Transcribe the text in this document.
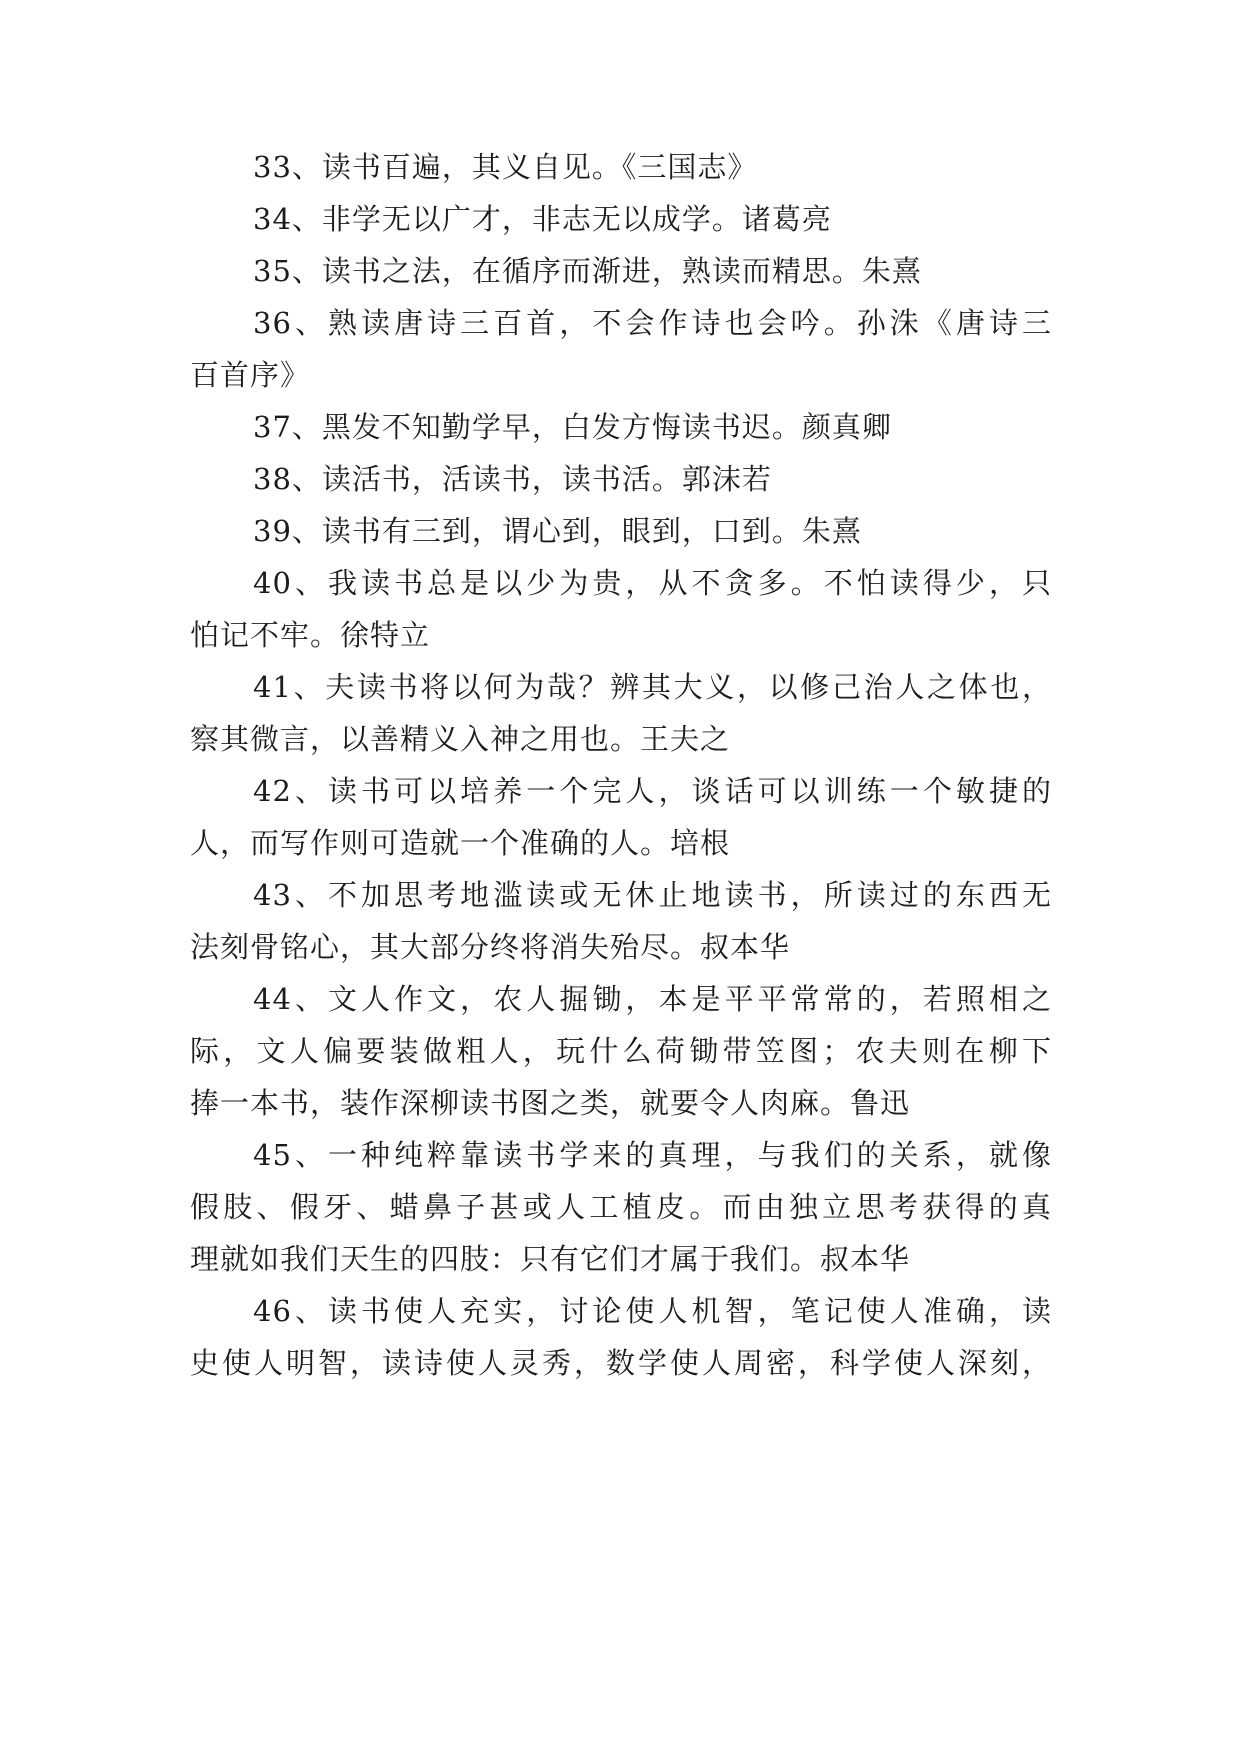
33、读书百遍，其义自见。《三国志》
34、非学无以广才，非志无以成学。诸葛亮
35、读书之法，在循序而渐进，熟读而精思。朱熹
36、熟读唐诗三百首，不会作诗也会吟。孙洙《唐诗三
百首序》
37、黑发不知勤学早，白发方悔读书迟。颜真卿
38、读活书，活读书，读书活。郭沫若
39、读书有三到，谓心到，眼到，口到。朱熹
40、我读书总是以少为贵，从不贪多。不怕读得少，只
怕记不牢。徐特立
41、夫读书将以何为哉？辨其大义，以修己治人之体也，
察其微言，以善精义入神之用也。王夫之
42、读书可以培养一个完人，谈话可以训练一个敏捷的
人，而写作则可造就一个准确的人。培根
43、不加思考地滥读或无休止地读书，所读过的东西无
法刻骨铭心，其大部分终将消失殆尽。叔本华
44、文人作文，农人掘锄，本是平平常常的，若照相之
际，文人偏要装做粗人，玩什么荷锄带笠图；农夫则在柳下
捧一本书，装作深柳读书图之类，就要令人肉麻。鲁迅
45、一种纯粹靠读书学来的真理，与我们的关系，就像
假肢、假牙、蜡鼻子甚或人工植皮。而由独立思考获得的真
理就如我们天生的四肢：只有它们才属于我们。叔本华
46、读书使人充实，讨论使人机智，笔记使人准确，读
史使人明智，读诗使人灵秀，数学使人周密，科学使人深刻，
